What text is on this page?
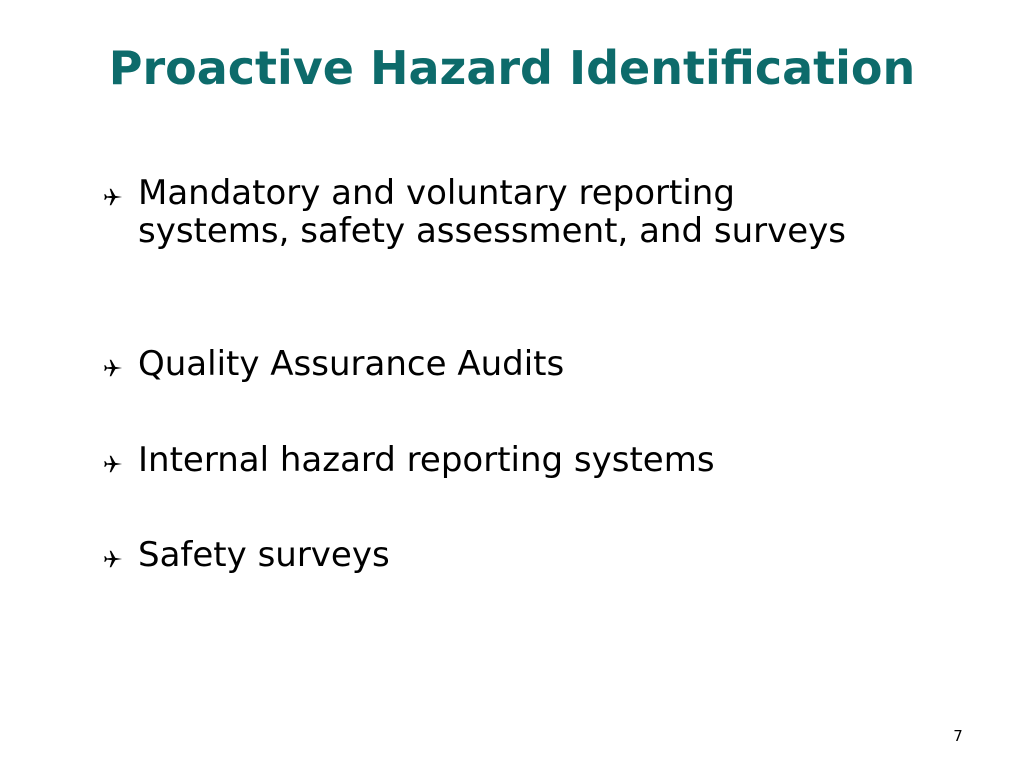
Proactive Hazard Identification
Mandatory and voluntary reporting systems, safety assessment, and surveys
Quality Assurance Audits
Internal hazard reporting systems
Safety surveys
7
